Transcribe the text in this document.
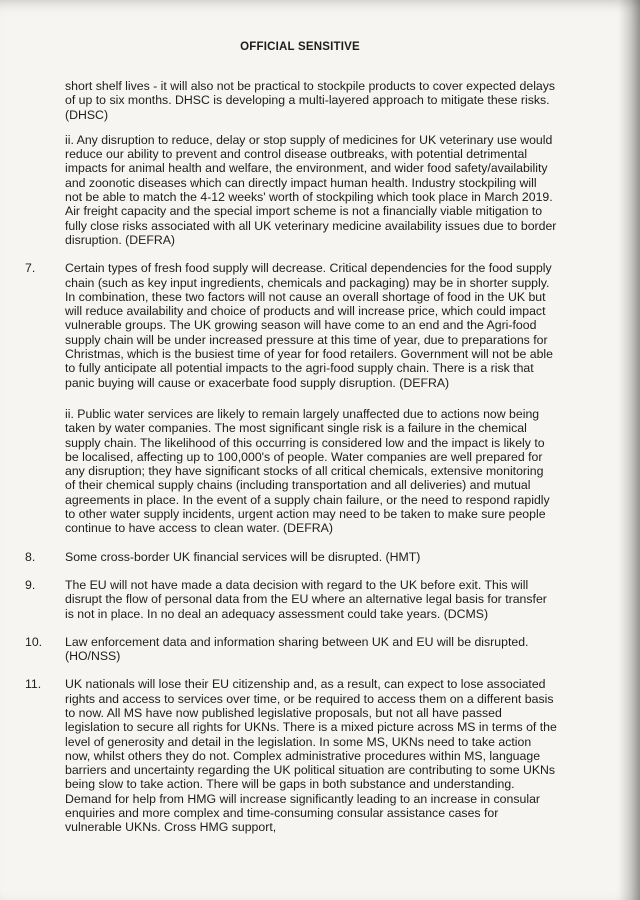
OFFICIAL SENSITIVE

short shelf lives - it will also not be practical to stockpile products to cover expected delays of up to six months. DHSC is developing a multi-layered approach to mitigate these risks. (DHSC)

ii. Any disruption to reduce, delay or stop supply of medicines for UK veterinary use would reduce our ability to prevent and control disease outbreaks, with potential detrimental impacts for animal health and welfare, the environment, and wider food safety/availability and zoonotic diseases which can directly impact human health. Industry stockpiling will not be able to match the 4-12 weeks' worth of stockpiling which took place in March 2019. Air freight capacity and the special import scheme is not a financially viable mitigation to fully close risks associated with all UK veterinary medicine availability issues due to border disruption. (DEFRA)

7.	Certain types of fresh food supply will decrease. Critical dependencies for the food supply chain (such as key input ingredients, chemicals and packaging) may be in shorter supply. In combination, these two factors will not cause an overall shortage of food in the UK but will reduce availability and choice of products and will increase price, which could impact vulnerable groups. The UK growing season will have come to an end and the Agri-food supply chain will be under increased pressure at this time of year, due to preparations for Christmas, which is the busiest time of year for food retailers. Government will not be able to fully anticipate all potential impacts to the agri-food supply chain. There is a risk that panic buying will cause or exacerbate food supply disruption. (DEFRA)

ii. Public water services are likely to remain largely unaffected due to actions now being taken by water companies. The most significant single risk is a failure in the chemical supply chain. The likelihood of this occurring is considered low and the impact is likely to be localised, affecting up to 100,000's of people. Water companies are well prepared for any disruption; they have significant stocks of all critical chemicals, extensive monitoring of their chemical supply chains (including transportation and all deliveries) and mutual agreements in place. In the event of a supply chain failure, or the need to respond rapidly to other water supply incidents, urgent action may need to be taken to make sure people continue to have access to clean water. (DEFRA)

8.	Some cross-border UK financial services will be disrupted. (HMT)
9.	The EU will not have made a data decision with regard to the UK before exit. This will disrupt the flow of personal data from the EU where an alternative legal basis for transfer is not in place. In no deal an adequacy assessment could take years. (DCMS)
10.	Law enforcement data and information sharing between UK and EU will be disrupted. (HO/NSS)
11.	UK nationals will lose their EU citizenship and, as a result, can expect to lose associated rights and access to services over time, or be required to access them on a different basis to now. All MS have now published legislative proposals, but not all have passed legislation to secure all rights for UKNs. There is a mixed picture across MS in terms of the level of generosity and detail in the legislation. In some MS, UKNs need to take action now, whilst others they do not. Complex administrative procedures within MS, language barriers and uncertainty regarding the UK political situation are contributing to some UKNs being slow to take action. There will be gaps in both substance and understanding. Demand for help from HMG will increase significantly leading to an increase in consular enquiries and more complex and time-consuming consular assistance cases for vulnerable UKNs. Cross HMG support,
